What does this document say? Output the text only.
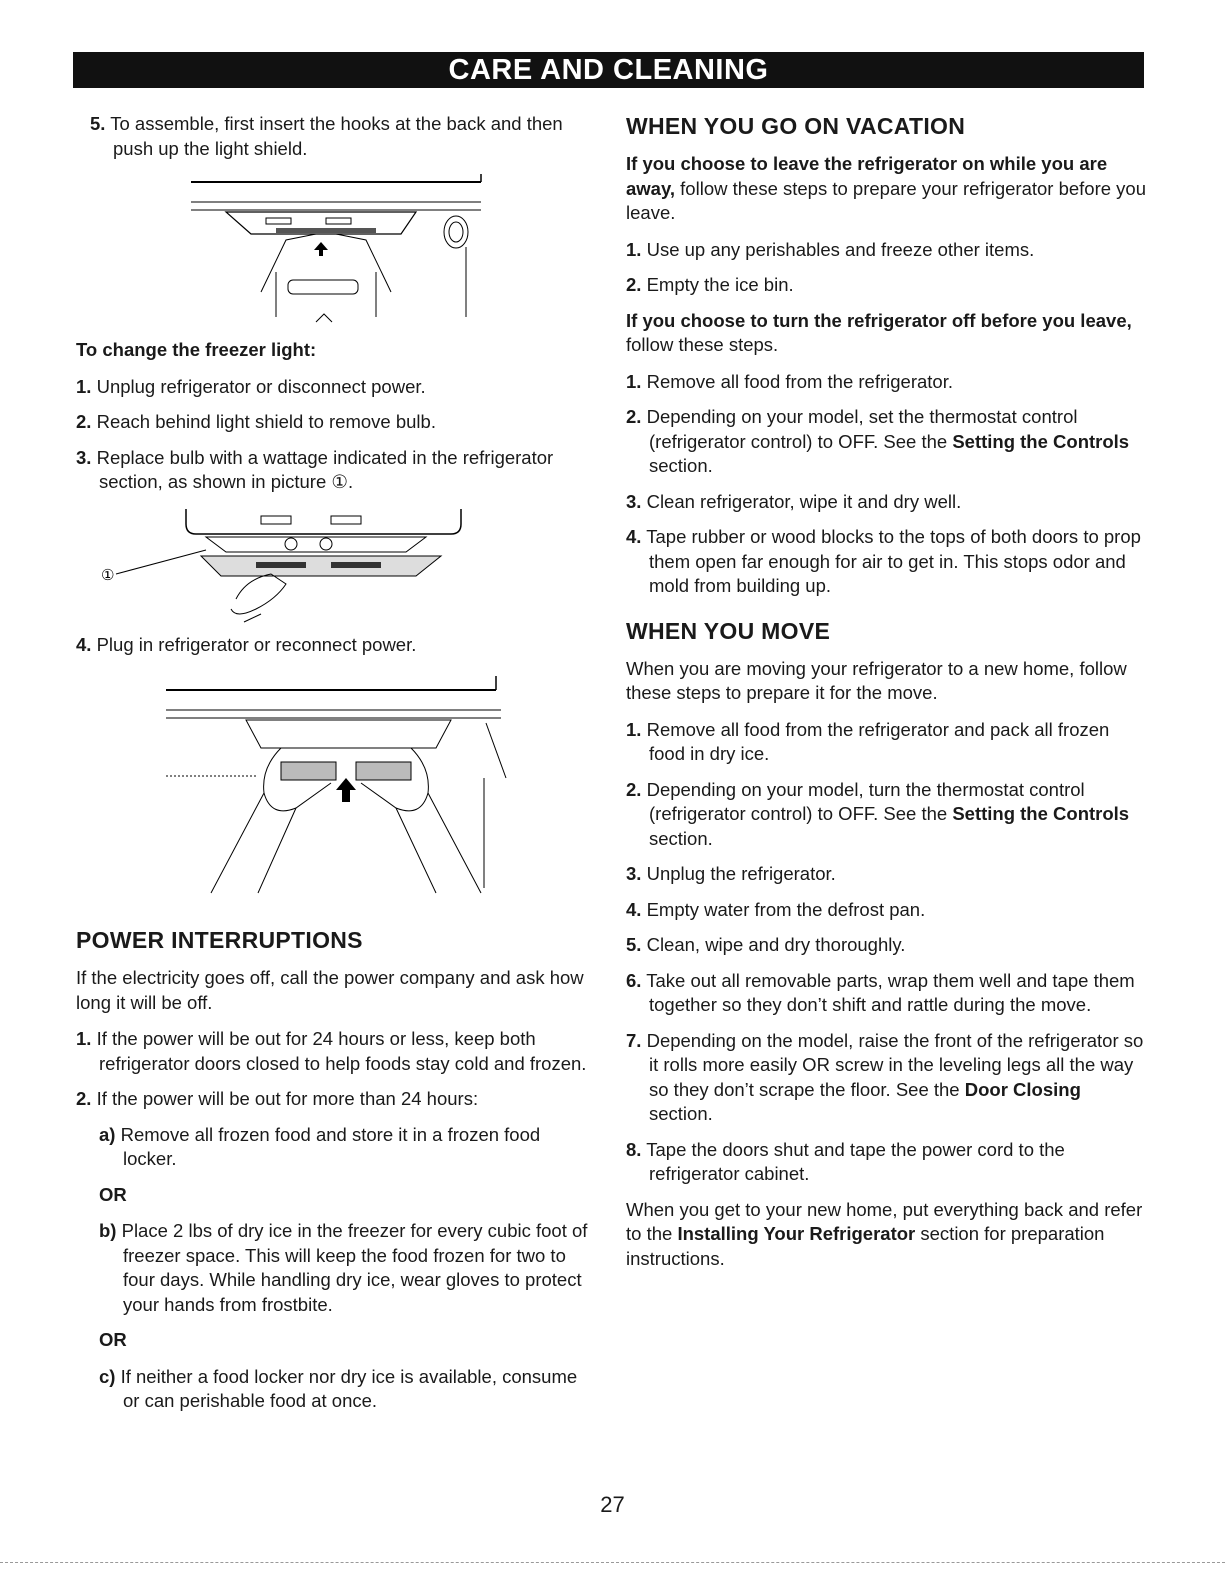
CARE AND CLEANING
5. To assemble, first insert the hooks at the back and then push up the light shield.

To change the freezer light:

1. Unplug refrigerator or disconnect power.
2. Reach behind light shield to remove bulb.
3. Replace bulb with a wattage indicated in the refrigerator section, as shown in picture ①.
①
4. Plug in refrigerator or reconnect power.
POWER INTERRUPTIONS

If the electricity goes off, call the power company and ask how long it will be off.

1. If the power will be out for 24 hours or less, keep both refrigerator doors closed to help foods stay cold and frozen.
2. If the power will be out for more than 24 hours:
a) Remove all frozen food and store it in a frozen food locker.
OR
b) Place 2 lbs of dry ice in the freezer for every cubic foot of freezer space. This will keep the food frozen for two to four days. While handling dry ice, wear gloves to protect your hands from frostbite.
OR
c) If neither a food locker nor dry ice is available, consume or can perishable food at once.
WHEN YOU GO ON VACATION

If you choose to leave the refrigerator on while you are away, follow these steps to prepare your refrigerator before you leave.

1. Use up any perishables and freeze other items.
2. Empty the ice bin.

If you choose to turn the refrigerator off before you leave, follow these steps.

1. Remove all food from the refrigerator.
2. Depending on your model, set the thermostat control (refrigerator control) to OFF. See the Setting the Controls section.
3. Clean refrigerator, wipe it and dry well.
4. Tape rubber or wood blocks to the tops of both doors to prop them open far enough for air to get in. This stops odor and mold from building up.
WHEN YOU MOVE

When you are moving your refrigerator to a new home, follow these steps to prepare it for the move.

1. Remove all food from the refrigerator and pack all frozen food in dry ice.
2. Depending on your model, turn the thermostat control (refrigerator control) to OFF. See the Setting the Controls section.
3. Unplug the refrigerator.
4. Empty water from the defrost pan.
5. Clean, wipe and dry thoroughly.
6. Take out all removable parts, wrap them well and tape them together so they don’t shift and rattle during the move.
7. Depending on the model, raise the front of the refrigerator so it rolls more easily OR screw in the leveling legs all the way so they don’t scrape the floor. See the Door Closing section.
8. Tape the doors shut and tape the power cord to the refrigerator cabinet.

When you get to your new home, put everything back and refer to the Installing Your Refrigerator section for preparation instructions.

27
